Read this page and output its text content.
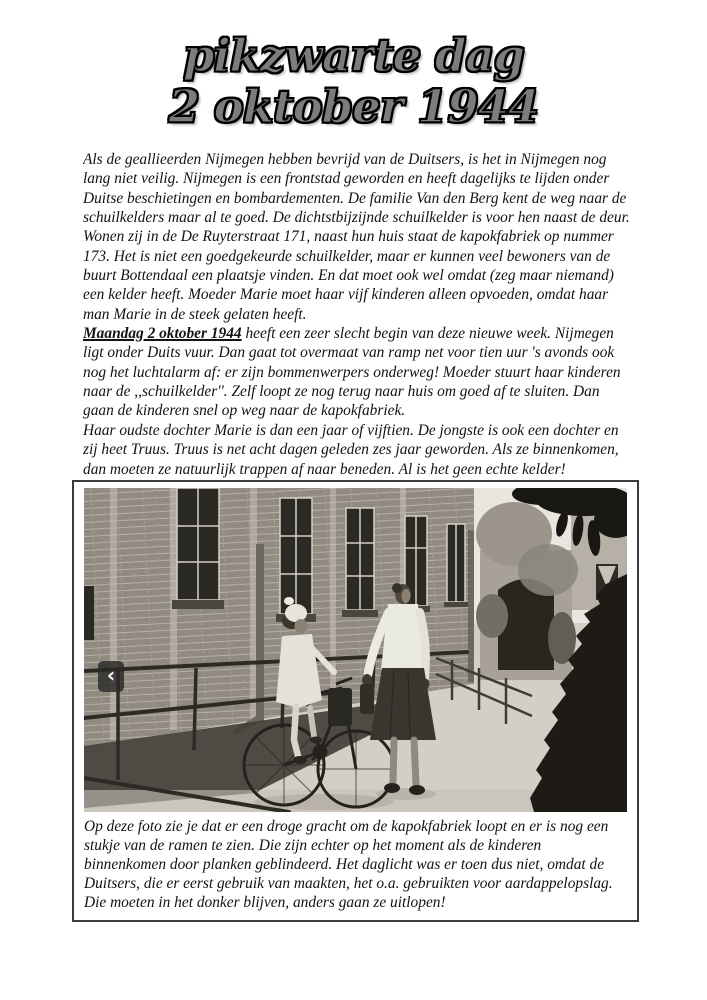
pikzwarte dag
2 oktober 1944

Als de geallieerden Nijmegen hebben bevrijd van de Duitsers, is het in Nijmegen nog lang niet veilig. Nijmegen is een frontstad geworden en heeft dagelijks te lijden onder Duitse beschietingen en bombardementen. De familie Van den Berg kent de weg naar de schuilkelders maar al te goed. De dichtstbijzijnde schuilkelder is voor hen naast de deur. Wonen zij in de De Ruyterstraat 171, naast hun huis staat de kapokfabriek op nummer 173. Het is niet een goedgekeurde schuilkelder, maar er kunnen veel bewoners van de buurt Bottendaal een plaatsje vinden. En dat moet ook wel omdat (zeg maar niemand) een kelder heeft. Moeder Marie moet haar vijf kinderen alleen opvoeden, omdat haar man Marie in de steek gelaten heeft.

Maandag 2 oktober 1944 heeft een zeer slecht begin van deze nieuwe week. Nijmegen ligt onder Duits vuur. Dan gaat tot overmaat van ramp net voor tien uur 's avonds ook nog het luchtalarm af: er zijn bommenwerpers onderweg! Moeder stuurt haar kinderen naar de ,,schuilkelder''. Zelf loopt ze nog terug naar huis om goed af te sluiten. Dan gaan de kinderen snel op weg naar de kapokfabriek.

Haar oudste dochter Marie is dan een jaar of vijftien. De jongste is ook een dochter en zij heet Truus. Truus is net acht dagen geleden zes jaar geworden. Als ze binnenkomen, dan moeten ze natuurlijk trappen af naar beneden. Al is het geen echte kelder!

‹
Op deze foto zie je dat er een droge gracht om de kapokfabriek loopt en er is nog een stukje van de ramen te zien. Die zijn echter op het moment als de kinderen binnenkomen door planken geblindeerd. Het daglicht was er toen dus niet, omdat de Duitsers, die er eerst gebruik van maakten, het o.a. gebruikten voor aardappelopslag. Die moeten in het donker blijven, anders gaan ze uitlopen!
